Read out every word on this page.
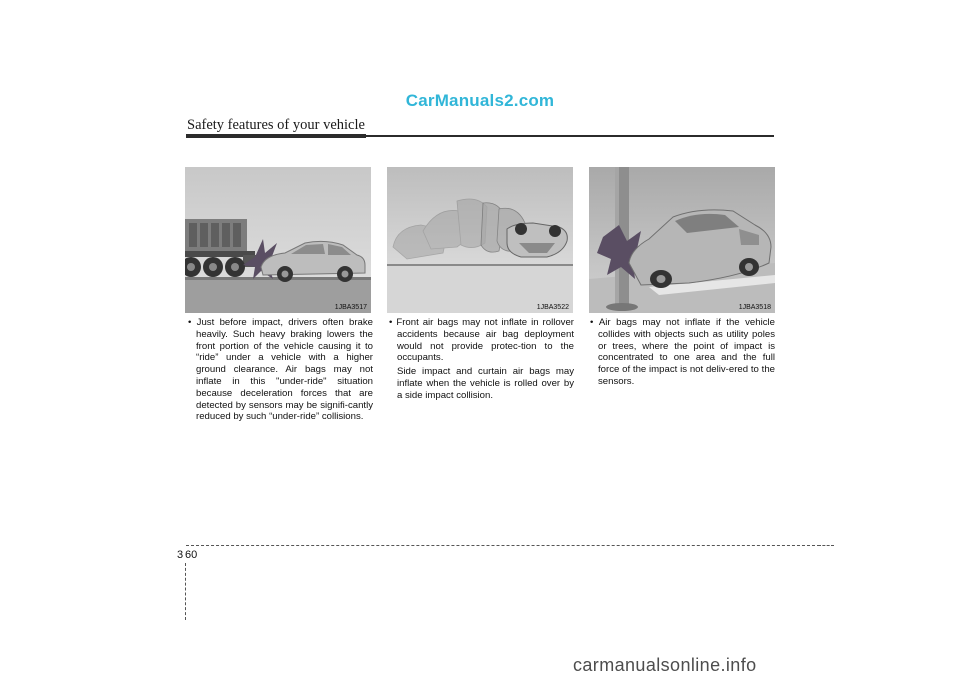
CarManuals2.com
Safety features of your vehicle
1JBA3517	1JBA3522	1JBA3518

• Just before impact, drivers often brake heavily. Such heavy braking lowers the front portion of the vehicle causing it to “ride” under a vehicle with a higher ground clearance. Air bags may not inflate in this "under-ride" situation because deceleration forces that are detected by sensors may be signifi-cantly reduced by such “under-ride” collisions.

• Front air bags may not inflate in rollover accidents because air bag deployment would not provide protec-tion to the occupants.

Side impact and curtain air bags may inflate when the vehicle is rolled over by a side impact collision.

• Air bags may not inflate if the vehicle collides with objects such as utility poles or trees, where the point of impact is concentrated to one area and the full force of the impact is not deliv-ered to the sensors.

3 60
carmanualsonline.info
